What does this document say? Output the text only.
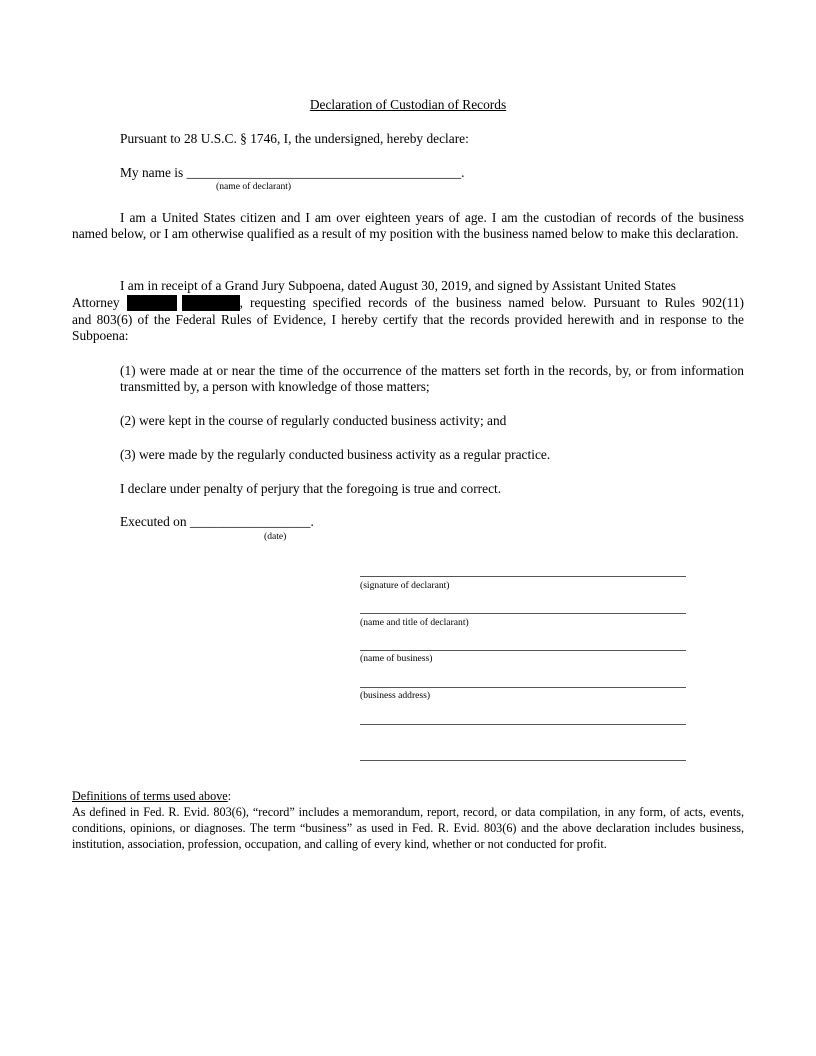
Declaration of Custodian of Records
Pursuant to 28 U.S.C. § 1746, I, the undersigned, hereby declare:
My name is _________________________________________.
(name of declarant)
I am a United States citizen and I am over eighteen years of age. I am the custodian of records of the business named below, or I am otherwise qualified as a result of my position with the business named below to make this declaration.
I am in receipt of a Grand Jury Subpoena, dated August 30, 2019, and signed by Assistant United States
Attorney	, requesting specified records of the business named below. Pursuant to Rules 902(11)
and 803(6) of the Federal Rules of Evidence, I hereby certify that the records provided herewith and in response to the Subpoena:
(1) were made at or near the time of the occurrence of the matters set forth in the records, by, or from information transmitted by, a person with knowledge of those matters;
(2) were kept in the course of regularly conducted business activity; and
(3) were made by the regularly conducted business activity as a regular practice.
I declare under penalty of perjury that the foregoing is true and correct.
Executed on __________________.
(date)
(signature of declarant)
(name and title of declarant)
(name of business)
(business address)
Definitions of terms used above:
As defined in Fed. R. Evid. 803(6), “record” includes a memorandum, report, record, or data compilation, in any form, of acts, events, conditions, opinions, or diagnoses. The term “business” as used in Fed. R. Evid. 803(6) and the above declaration includes business, institution, association, profession, occupation, and calling of every kind, whether or not conducted for profit.
